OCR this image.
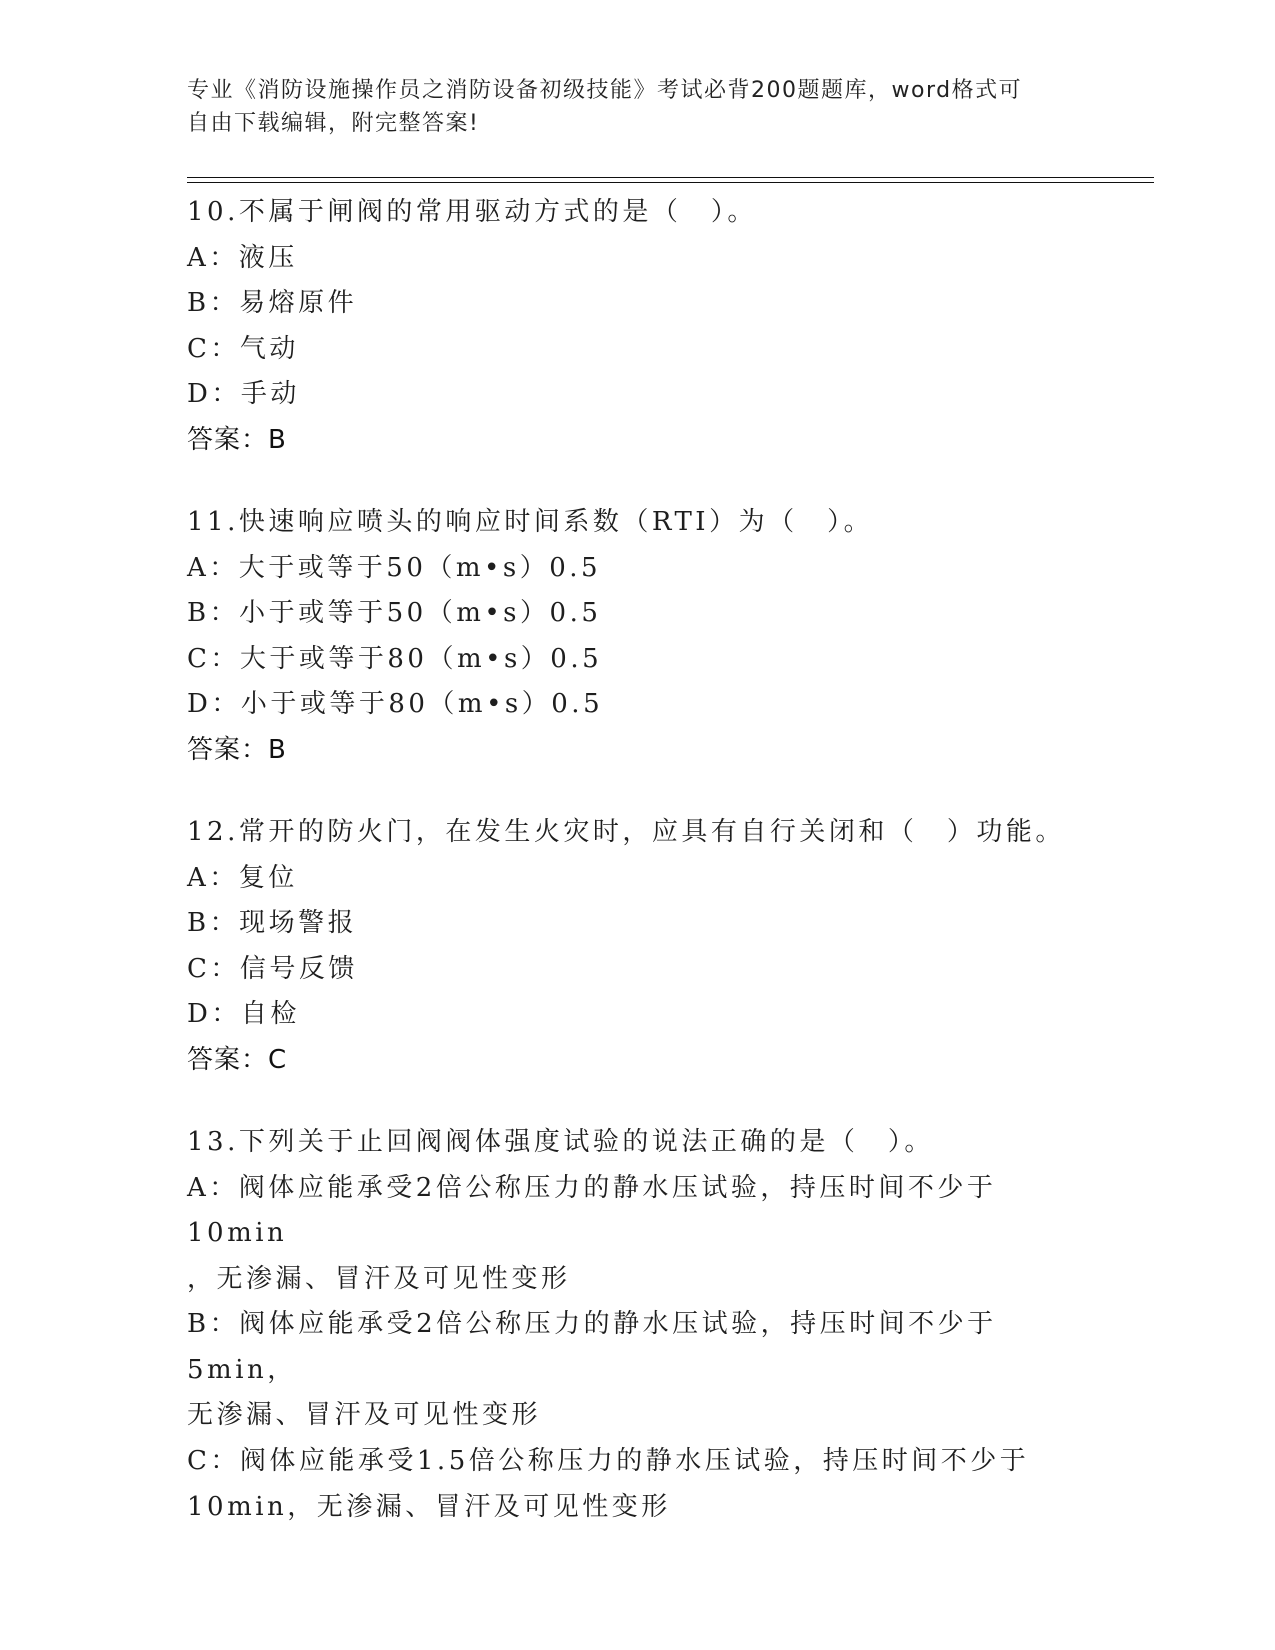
专业《消防设施操作员之消防设备初级技能》考试必背200题题库，word格式可
自由下载编辑，附完整答案!
10.不属于闸阀的常用驱动方式的是（　）。
A：液压
B：易熔原件
C：气动
D：手动
答案：B
11.快速响应喷头的响应时间系数（RTI）为（　）。
A：大于或等于50（m•s）0.5
B：小于或等于50（m•s）0.5
C：大于或等于80（m•s）0.5
D：小于或等于80（m•s）0.5
答案：B
12.常开的防火门，在发生火灾时，应具有自行关闭和（　）功能。
A：复位
B：现场警报
C：信号反馈
D：自检
答案：C
13.下列关于止回阀阀体强度试验的说法正确的是（　）。
A：阀体应能承受2倍公称压力的静水压试验，持压时间不少于10min
，无渗漏、冒汗及可见性变形
B：阀体应能承受2倍公称压力的静水压试验，持压时间不少于5min，
无渗漏、冒汗及可见性变形
C：阀体应能承受1.5倍公称压力的静水压试验，持压时间不少于
10min，无渗漏、冒汗及可见性变形
